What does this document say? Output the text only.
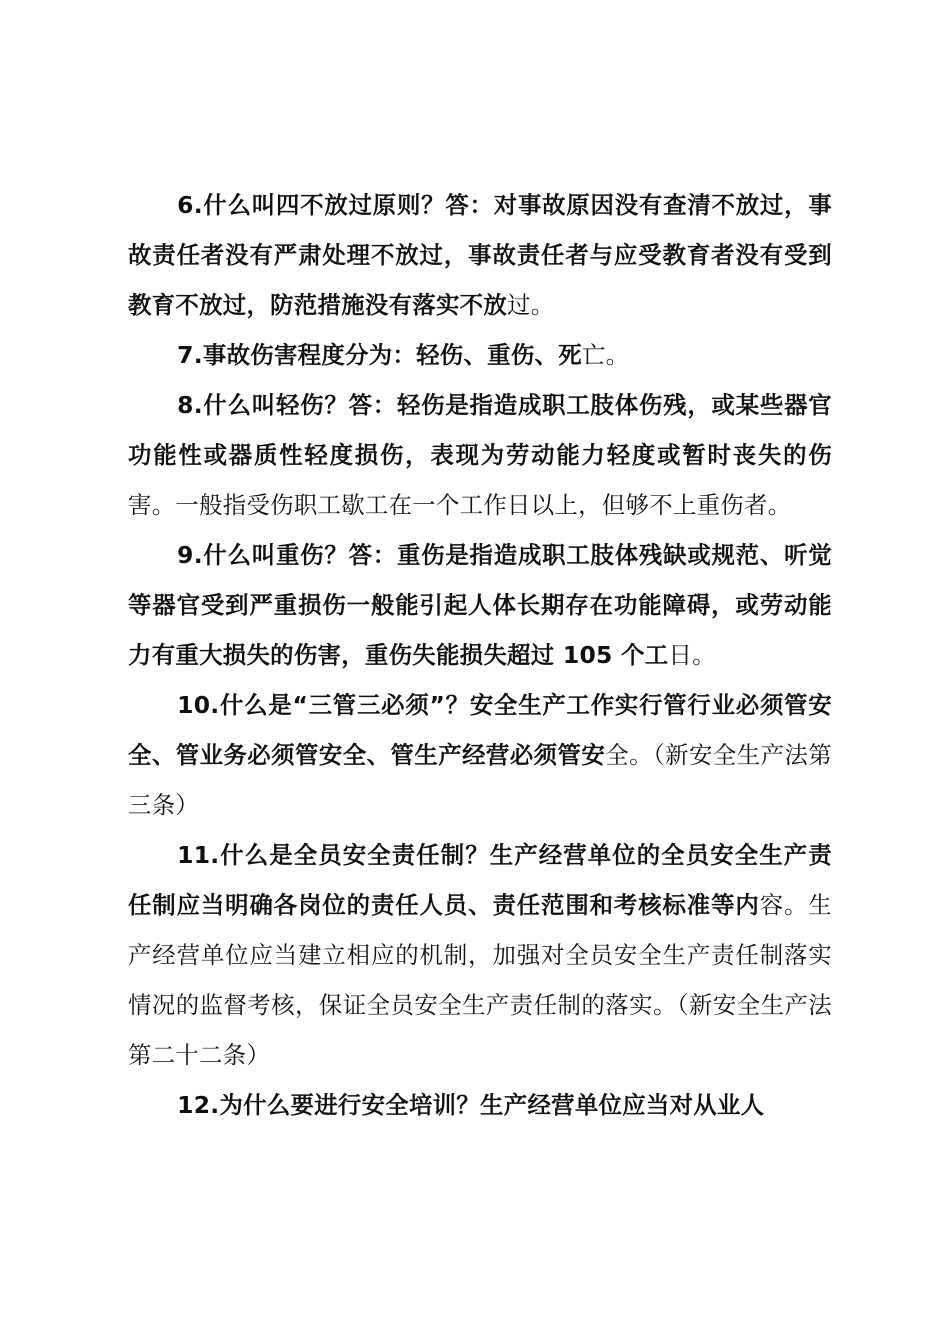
6.什么叫四不放过原则？答：对事故原因没有查清不放过，事故责任者没有严肃处理不放过，事故责任者与应受教育者没有受到教育不放过，防范措施没有落实不放过。

7.事故伤害程度分为：轻伤、重伤、死亡。

8.什么叫轻伤？答：轻伤是指造成职工肢体伤残，或某些器官功能性或器质性轻度损伤，表现为劳动能力轻度或暂时丧失的伤害。一般指受伤职工歇工在一个工作日以上，但够不上重伤者。

9.什么叫重伤？答：重伤是指造成职工肢体残缺或规范、听觉等器官受到严重损伤一般能引起人体长期存在功能障碍，或劳动能力有重大损失的伤害，重伤失能损失超过 105 个工日。

10.什么是“三管三必须”？安全生产工作实行管行业必须管安全、管业务必须管安全、管生产经营必须管安全。（新安全生产法第三条）

11.什么是全员安全责任制？生产经营单位的全员安全生产责任制应当明确各岗位的责任人员、责任范围和考核标准等内容。生产经营单位应当建立相应的机制，加强对全员安全生产责任制落实情况的监督考核，保证全员安全生产责任制的落实。（新安全生产法第二十二条）

12.为什么要进行安全培训？生产经营单位应当对从业人
